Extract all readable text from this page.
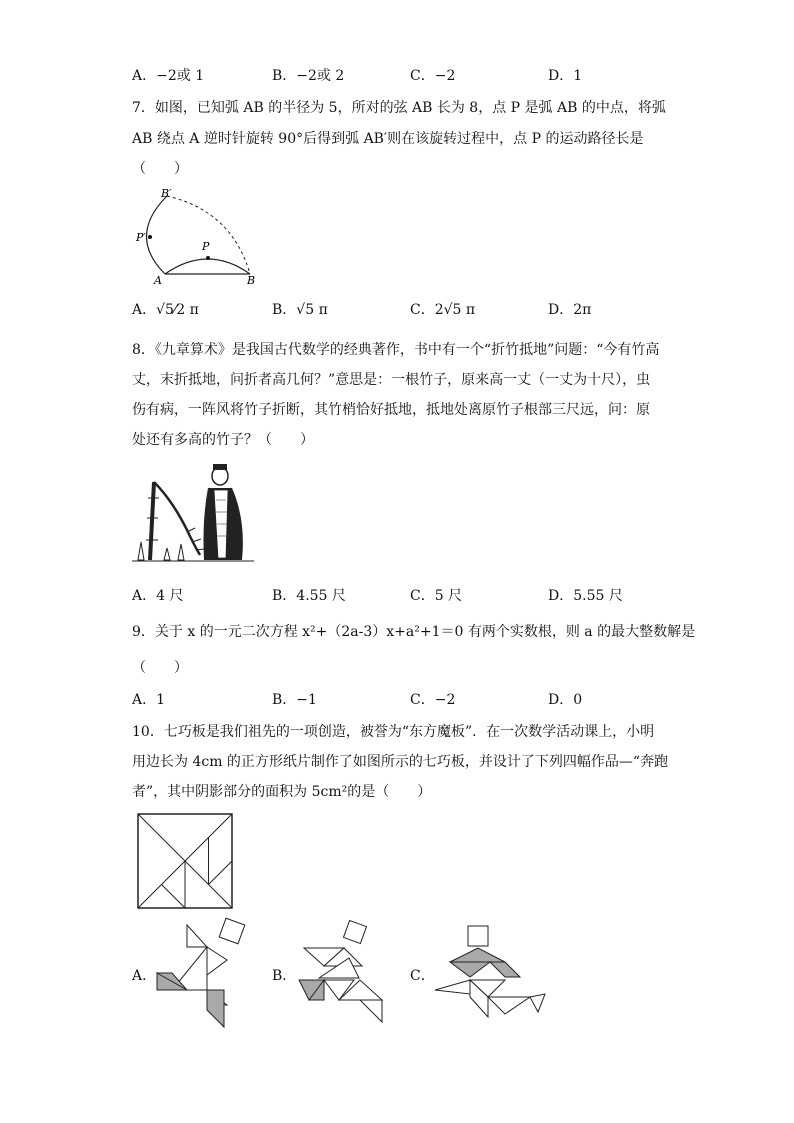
A．−2或 1	B．−2或 2	C．−2	D．1
7．如图，已知弧 AB 的半径为 5，所对的弦 AB 长为 8，点 P 是弧 AB 的中点，将弧
AB 绕点 A 逆时针旋转 90°后得到弧 AB′则在该旋转过程中，点 P 的运动路径长是
（　　）
B′
P′
P
A	B
A．√5⁄2 π	B．√5 π	C．2√5 π	D．2π
8．《九章算术》是我国古代数学的经典著作，书中有一个“折竹抵地”问题：“今有竹高
丈，末折抵地，问折者高几何？”意思是：一根竹子，原来高一丈（一丈为十尺），虫
伤有病，一阵风将竹子折断，其竹梢恰好抵地，抵地处离原竹子根部三尺远，问：原
处还有多高的竹子？（　　）
A．4 尺	B．4.55 尺	C．5 尺	D．5.55 尺
9．关于 x 的一元二次方程 x²+（2a-3）x+a²+1＝0 有两个实数根，则 a 的最大整数解是
（　　）
A．1	B．−1	C．−2	D．0
10．七巧板是我们祖先的一项创造，被誉为“东方魔板”．在一次数学活动课上，小明
用边长为 4cm 的正方形纸片制作了如图所示的七巧板，并设计了下列四幅作品—“奔跑
者”，其中阴影部分的面积为 5cm²的是（　　）
A．	B．	C．
